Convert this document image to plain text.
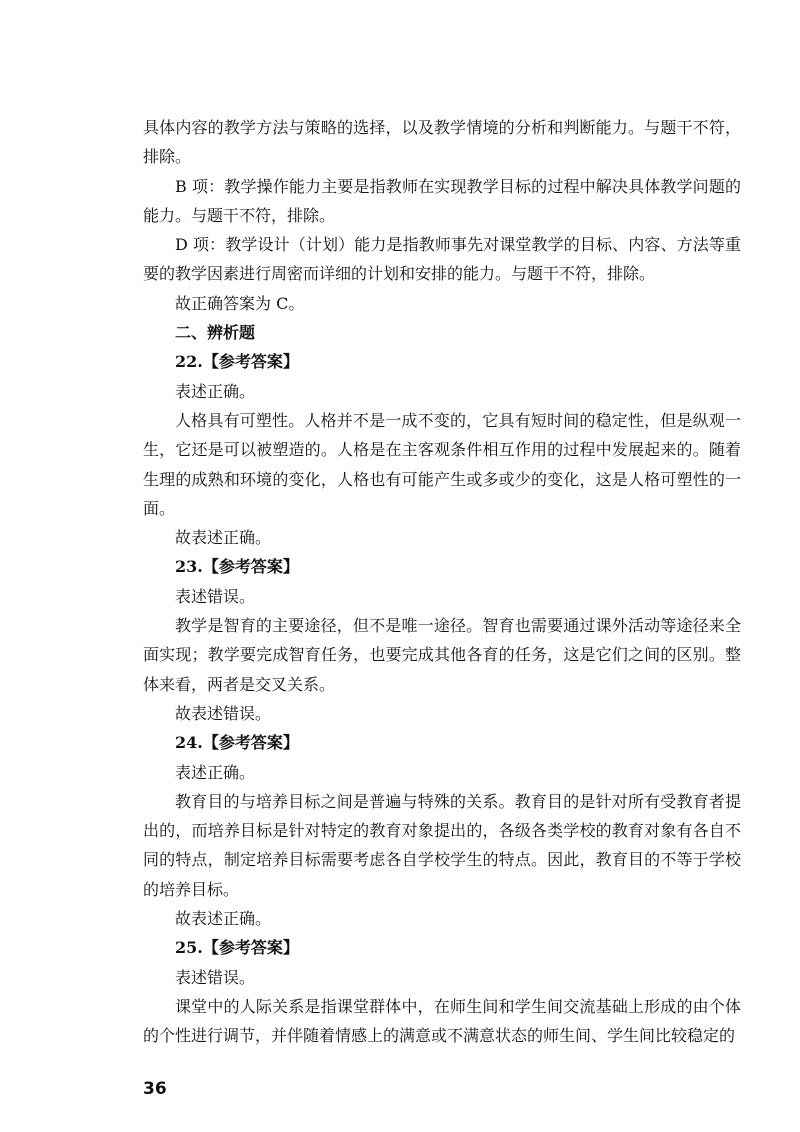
具体内容的教学方法与策略的选择，以及教学情境的分析和判断能力。与题干不符，排除。

B 项：教学操作能力主要是指教师在实现教学目标的过程中解决具体教学问题的能力。与题干不符，排除。

D 项：教学设计（计划）能力是指教师事先对课堂教学的目标、内容、方法等重要的教学因素进行周密而详细的计划和安排的能力。与题干不符，排除。

故正确答案为 C。

二、辨析题

22.【参考答案】

表述正确。

人格具有可塑性。人格并不是一成不变的，它具有短时间的稳定性，但是纵观一生，它还是可以被塑造的。人格是在主客观条件相互作用的过程中发展起来的。随着生理的成熟和环境的变化，人格也有可能产生或多或少的变化，这是人格可塑性的一面。

故表述正确。

23.【参考答案】

表述错误。

教学是智育的主要途径，但不是唯一途径。智育也需要通过课外活动等途径来全面实现；教学要完成智育任务，也要完成其他各育的任务，这是它们之间的区别。整体来看，两者是交叉关系。

故表述错误。

24.【参考答案】

表述正确。

教育目的与培养目标之间是普遍与特殊的关系。教育目的是针对所有受教育者提出的，而培养目标是针对特定的教育对象提出的，各级各类学校的教育对象有各自不同的特点，制定培养目标需要考虑各自学校学生的特点。因此，教育目的不等于学校的培养目标。

故表述正确。

25.【参考答案】

表述错误。

课堂中的人际关系是指课堂群体中，在师生间和学生间交流基础上形成的由个体的个性进行调节，并伴随着情感上的满意或不满意状态的师生间、学生间比较稳定的

36
